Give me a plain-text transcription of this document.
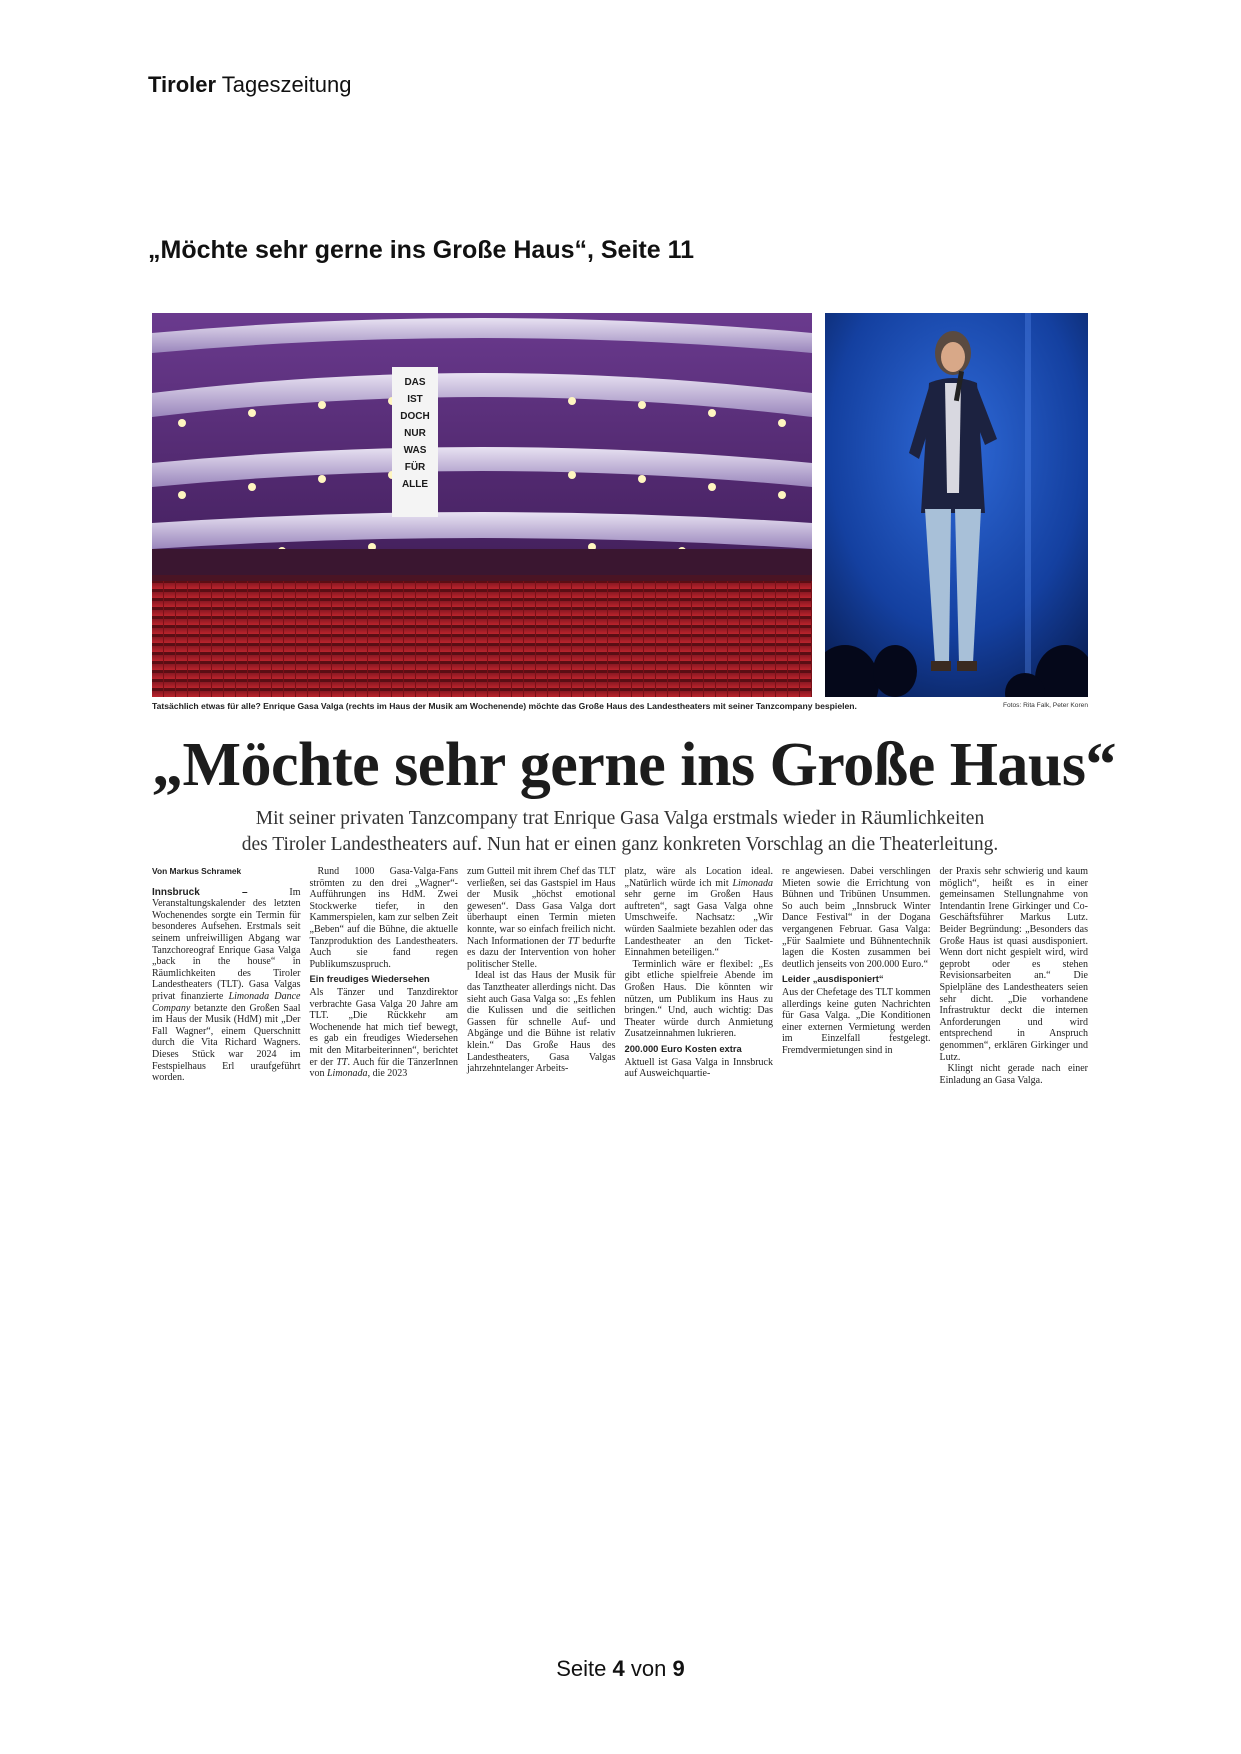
Tiroler Tageszeitung
„Möchte sehr gerne ins Große Haus“, Seite 11
DAS
IST
DOCH
NUR
WAS
FÜR
ALLE
Tatsächlich etwas für alle? Enrique Gasa Valga (rechts im Haus der Musik am Wochenende) möchte das Große Haus des Landestheaters mit seiner Tanzcompany bespielen.	Fotos: Rita Falk, Peter Koren
„Möchte sehr gerne ins Große Haus“
Mit seiner privaten Tanzcompany trat Enrique Gasa Valga erstmals wieder in Räumlichkeiten
des Tiroler Landestheaters auf. Nun hat er einen ganz konkreten Vorschlag an die Theaterleitung.

Von Markus Schramek

Innsbruck – Im Veranstaltungskalender des letzten Wochenendes sorgte ein Termin für besonderes Aufsehen. Erstmals seit seinem unfreiwilligen Abgang war Tanzchoreograf Enrique Gasa Valga „back in the house“ in Räumlichkeiten des Tiroler Landestheaters (TLT). Gasa Valgas privat finanzierte Limonada Dance Company betanzte den Großen Saal im Haus der Musik (HdM) mit „Der Fall Wagner“, einem Querschnitt durch die Vita Richard Wagners. Dieses Stück war 2024 im Festspielhaus Erl uraufgeführt worden.

Rund 1000 Gasa-Valga-Fans strömten zu den drei „Wagner“-Aufführungen ins HdM. Zwei Stockwerke tiefer, in den Kammerspielen, kam zur selben Zeit „Beben“ auf die Bühne, die aktuelle Tanzproduktion des Landestheaters. Auch sie fand regen Publikumszuspruch.

Ein freudiges Wiedersehen

Als Tänzer und Tanzdirektor verbrachte Gasa Valga 20 Jahre am TLT. „Die Rückkehr am Wochenende hat mich tief bewegt, es gab ein freudiges Wiedersehen mit den Mitarbeiterinnen“, berichtet er der TT. Auch für die TänzerInnen von Limonada, die 2023

zum Gutteil mit ihrem Chef das TLT verließen, sei das Gastspiel im Haus der Musik „höchst emotional gewesen“. Dass Gasa Valga dort überhaupt einen Termin mieten konnte, war so einfach freilich nicht. Nach Informationen der TT bedurfte es dazu der Intervention von hoher politischer Stelle.

Ideal ist das Haus der Musik für das Tanztheater allerdings nicht. Das sieht auch Gasa Valga so: „Es fehlen die Kulissen und die seitlichen Gassen für schnelle Auf- und Abgänge und die Bühne ist relativ klein.“ Das Große Haus des Landestheaters, Gasa Valgas jahrzehntelanger Arbeits-

platz, wäre als Location ideal. „Natürlich würde ich mit Limonada sehr gerne im Großen Haus auftreten“, sagt Gasa Valga ohne Umschweife. Nachsatz: „Wir würden Saalmiete bezahlen oder das Landestheater an den Ticket-Einnahmen beteiligen.“

Terminlich wäre er flexibel: „Es gibt etliche spielfreie Abende im Großen Haus. Die könnten wir nützen, um Publikum ins Haus zu bringen.“ Und, auch wichtig: Das Theater würde durch Anmietung Zusatzeinnahmen lukrieren.

200.000 Euro Kosten extra

Aktuell ist Gasa Valga in Innsbruck auf Ausweichquartie-

re angewiesen. Dabei verschlingen Mieten sowie die Errichtung von Bühnen und Tribünen Unsummen. So auch beim „Innsbruck Winter Dance Festival“ in der Dogana vergangenen Februar. Gasa Valga: „Für Saalmiete und Bühnentechnik lagen die Kosten zusammen bei deutlich jenseits von 200.000 Euro.“

Leider „ausdisponiert“

Aus der Chefetage des TLT kommen allerdings keine guten Nachrichten für Gasa Valga. „Die Konditionen einer externen Vermietung werden im Einzelfall festgelegt. Fremdvermietungen sind in

der Praxis sehr schwierig und kaum möglich“, heißt es in einer gemeinsamen Stellungnahme von Intendantin Irene Girkinger und Co-Geschäftsführer Markus Lutz. Beider Begründung: „Besonders das Große Haus ist quasi ausdisponiert. Wenn dort nicht gespielt wird, wird geprobt oder es stehen Revisionsarbeiten an.“ Die Spielpläne des Landestheaters seien sehr dicht. „Die vorhandene Infrastruktur deckt die internen Anforderungen und wird entsprechend in Anspruch genommen“, erklären Girkinger und Lutz.

Klingt nicht gerade nach einer Einladung an Gasa Valga.

Seite 4 von 9
